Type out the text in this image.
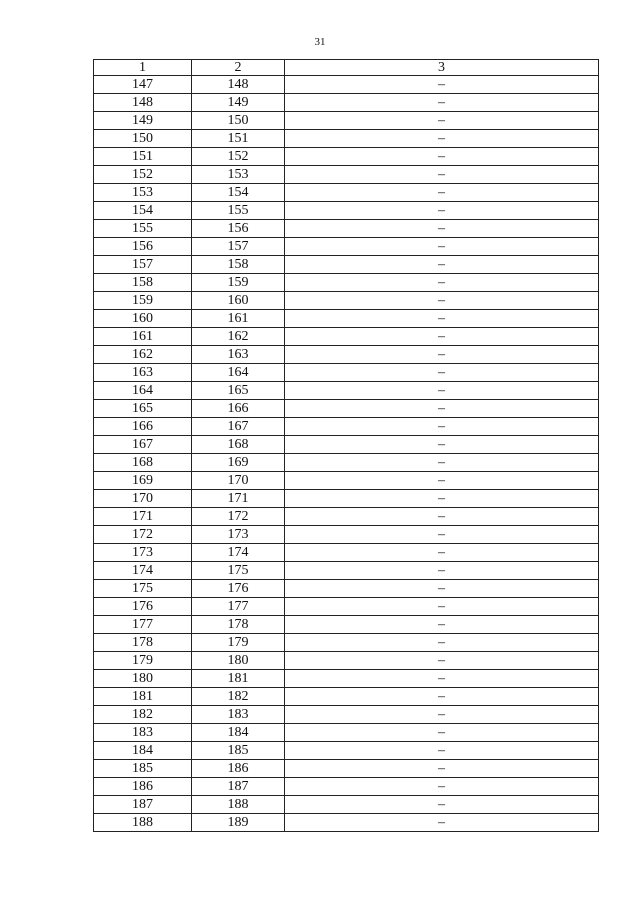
31
1	2	3
147	148	–
148	149	–
149	150	–
150	151	–
151	152	–
152	153	–
153	154	–
154	155	–
155	156	–
156	157	–
157	158	–
158	159	–
159	160	–
160	161	–
161	162	–
162	163	–
163	164	–
164	165	–
165	166	–
166	167	–
167	168	–
168	169	–
169	170	–
170	171	–
171	172	–
172	173	–
173	174	–
174	175	–
175	176	–
176	177	–
177	178	–
178	179	–
179	180	–
180	181	–
181	182	–
182	183	–
183	184	–
184	185	–
185	186	–
186	187	–
187	188	–
188	189	–
